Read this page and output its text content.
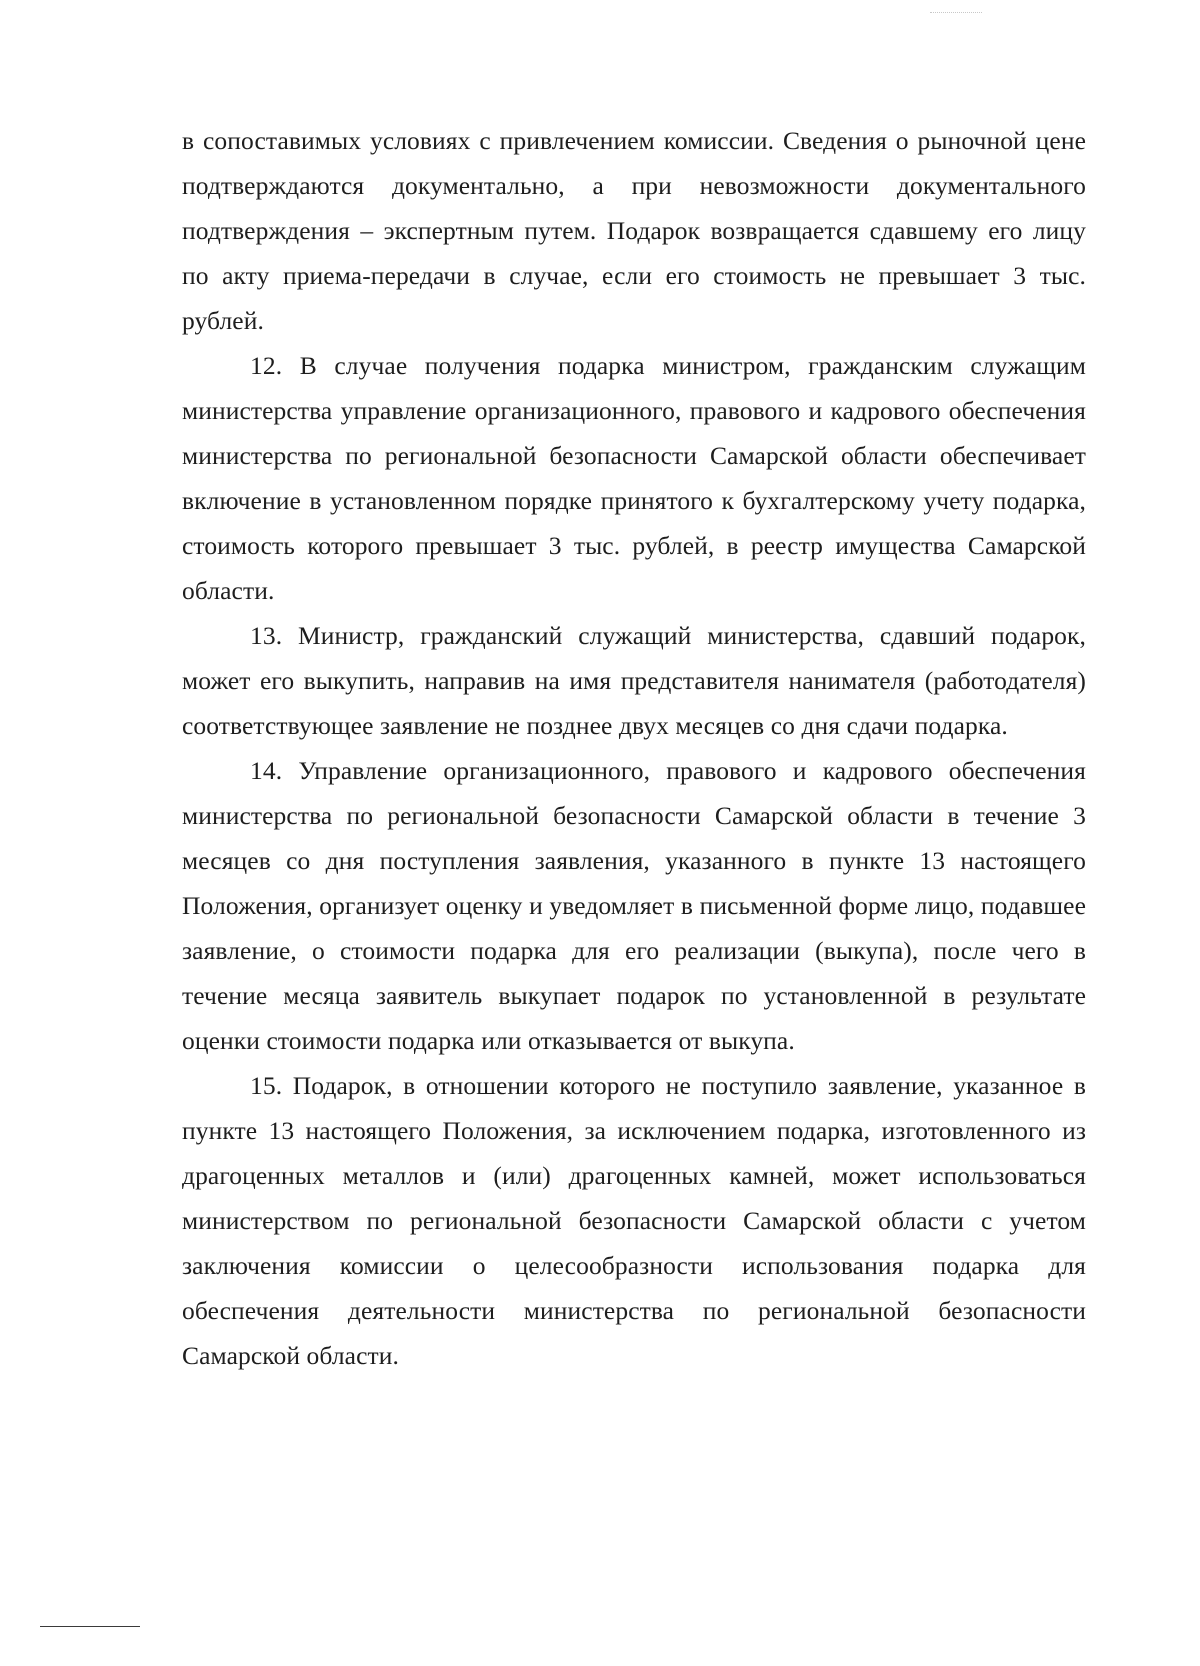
в сопоставимых условиях с привлечением комиссии. Сведения о рыночной цене подтверждаются документально, а при невозможности документального подтверждения – экспертным путем. Подарок возвращается сдавшему его лицу по акту приема-передачи в случае, если его стоимость не превышает 3 тыс. рублей.

12. В случае получения подарка министром, гражданским служащим министерства управление организационного, правового и кадрового обеспечения министерства по региональной безопасности Самарской области обеспечивает включение в установленном порядке принятого к бухгалтерскому учету подарка, стоимость которого превышает 3 тыс. рублей, в реестр имущества Самарской области.

13. Министр, гражданский служащий министерства, сдавший подарок, может его выкупить, направив на имя представителя нанимателя (работодателя) соответствующее заявление не позднее двух месяцев со дня сдачи подарка.

14. Управление организационного, правового и кадрового обеспечения министерства по региональной безопасности Самарской области в течение 3 месяцев со дня поступления заявления, указанного в пункте 13 настоящего Положения, организует оценку и уведомляет в письменной форме лицо, подавшее заявление, о стоимости подарка для его реализации (выкупа), после чего в течение месяца заявитель выкупает подарок по установленной в результате оценки стоимости подарка или отказывается от выкупа.

15. Подарок, в отношении которого не поступило заявление, указанное в пункте 13 настоящего Положения, за исключением подарка, изготовленного из драгоценных металлов и (или) драгоценных камней, может использоваться министерством по региональной безопасности Самарской области с учетом заключения комиссии о целесообразности использования подарка для обеспечения деятельности министерства по региональной безопасности Самарской области.
